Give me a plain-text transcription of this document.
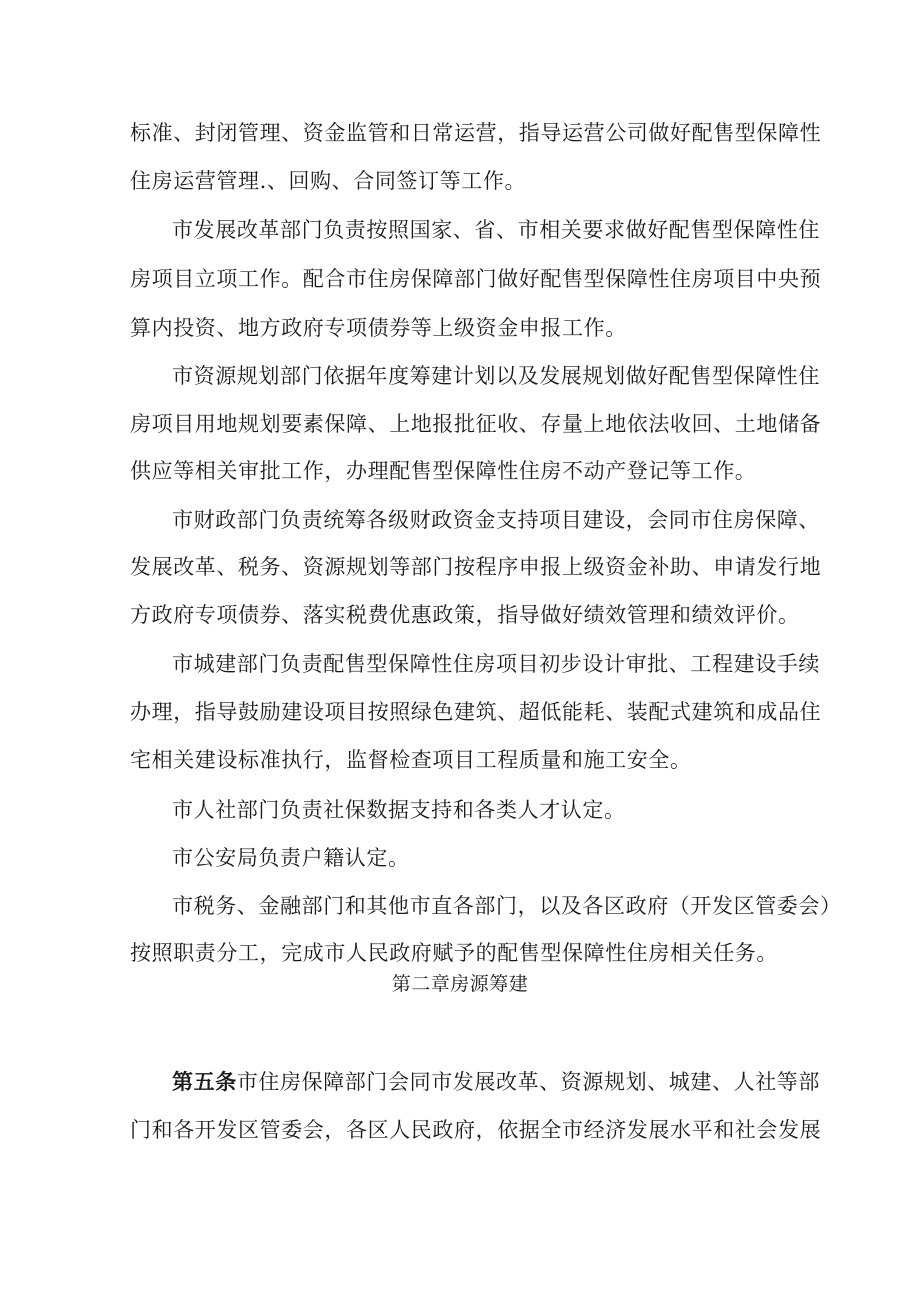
标准、封闭管理、资金监管和日常运营，指导运营公司做好配售型保障性
住房运营管理.、回购、合同签订等工作。
市发展改革部门负责按照国家、省、市相关要求做好配售型保障性住
房项目立项工作。配合市住房保障部门做好配售型保障性住房项目中央预
算内投资、地方政府专项债券等上级资金申报工作。
市资源规划部门依据年度筹建计划以及发展规划做好配售型保障性住
房项目用地规划要素保障、上地报批征收、存量上地依法收回、土地储备
供应等相关审批工作，办理配售型保障性住房不动产登记等工作。
市财政部门负责统筹各级财政资金支持项目建设，会同市住房保障、
发展改革、税务、资源规划等部门按程序申报上级资金补助、申请发行地
方政府专项债券、落实税费优惠政策，指导做好绩效管理和绩效评价。
市城建部门负责配售型保障性住房项目初步设计审批、工程建设手续
办理，指导鼓励建设项目按照绿色建筑、超低能耗、装配式建筑和成品住
宅相关建设标准执行，监督检查项目工程质量和施工安全。
市人社部门负责社保数据支持和各类人才认定。
市公安局负责户籍认定。
市税务、金融部门和其他市直各部门，以及各区政府（开发区管委会）
按照职责分工，完成市人民政府赋予的配售型保障性住房相关任务。
第二章房源筹建
第五条市住房保障部门会同市发展改革、资源规划、城建、人社等部
门和各开发区管委会，各区人民政府，依据全市经济发展水平和社会发展
